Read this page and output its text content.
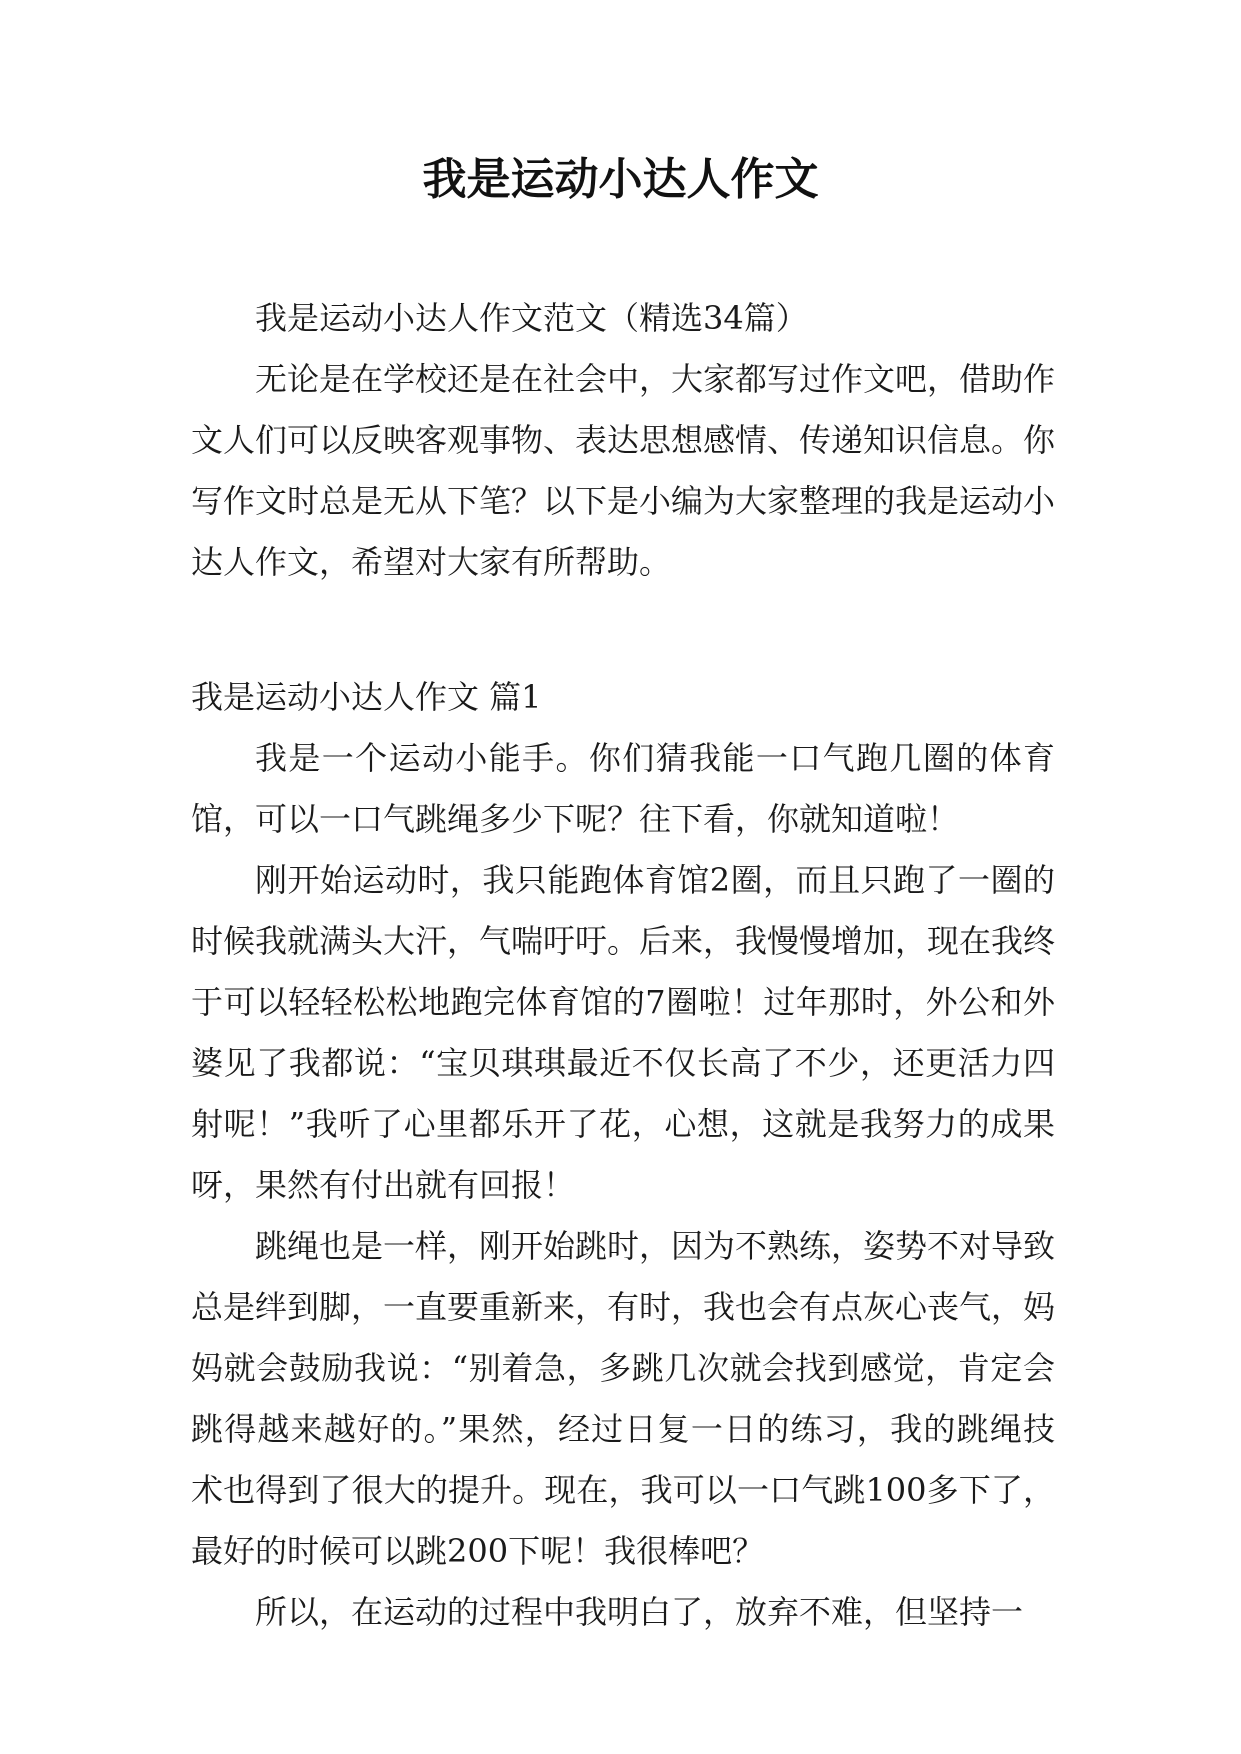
我是运动小达人作文

我是运动小达人作文范文（精选34篇）

无论是在学校还是在社会中，大家都写过作文吧，借助作文人们可以反映客观事物、表达思想感情、传递知识信息。你写作文时总是无从下笔？以下是小编为大家整理的我是运动小达人作文，希望对大家有所帮助。

我是运动小达人作文 篇1

我是一个运动小能手。你们猜我能一口气跑几圈的体育馆，可以一口气跳绳多少下呢？往下看，你就知道啦！

刚开始运动时，我只能跑体育馆2圈，而且只跑了一圈的时候我就满头大汗，气喘吁吁。后来，我慢慢增加，现在我终于可以轻轻松松地跑完体育馆的7圈啦！过年那时，外公和外婆见了我都说：“宝贝琪琪最近不仅长高了不少，还更活力四射呢！”我听了心里都乐开了花，心想，这就是我努力的成果呀，果然有付出就有回报！

跳绳也是一样，刚开始跳时，因为不熟练，姿势不对导致总是绊到脚，一直要重新来，有时，我也会有点灰心丧气，妈妈就会鼓励我说：“别着急，多跳几次就会找到感觉，肯定会跳得越来越好的。”果然，经过日复一日的练习，我的跳绳技术也得到了很大的提升。现在，我可以一口气跳100多下了，最好的时候可以跳200下呢！我很棒吧？

所以，在运动的过程中我明白了，放弃不难，但坚持一
